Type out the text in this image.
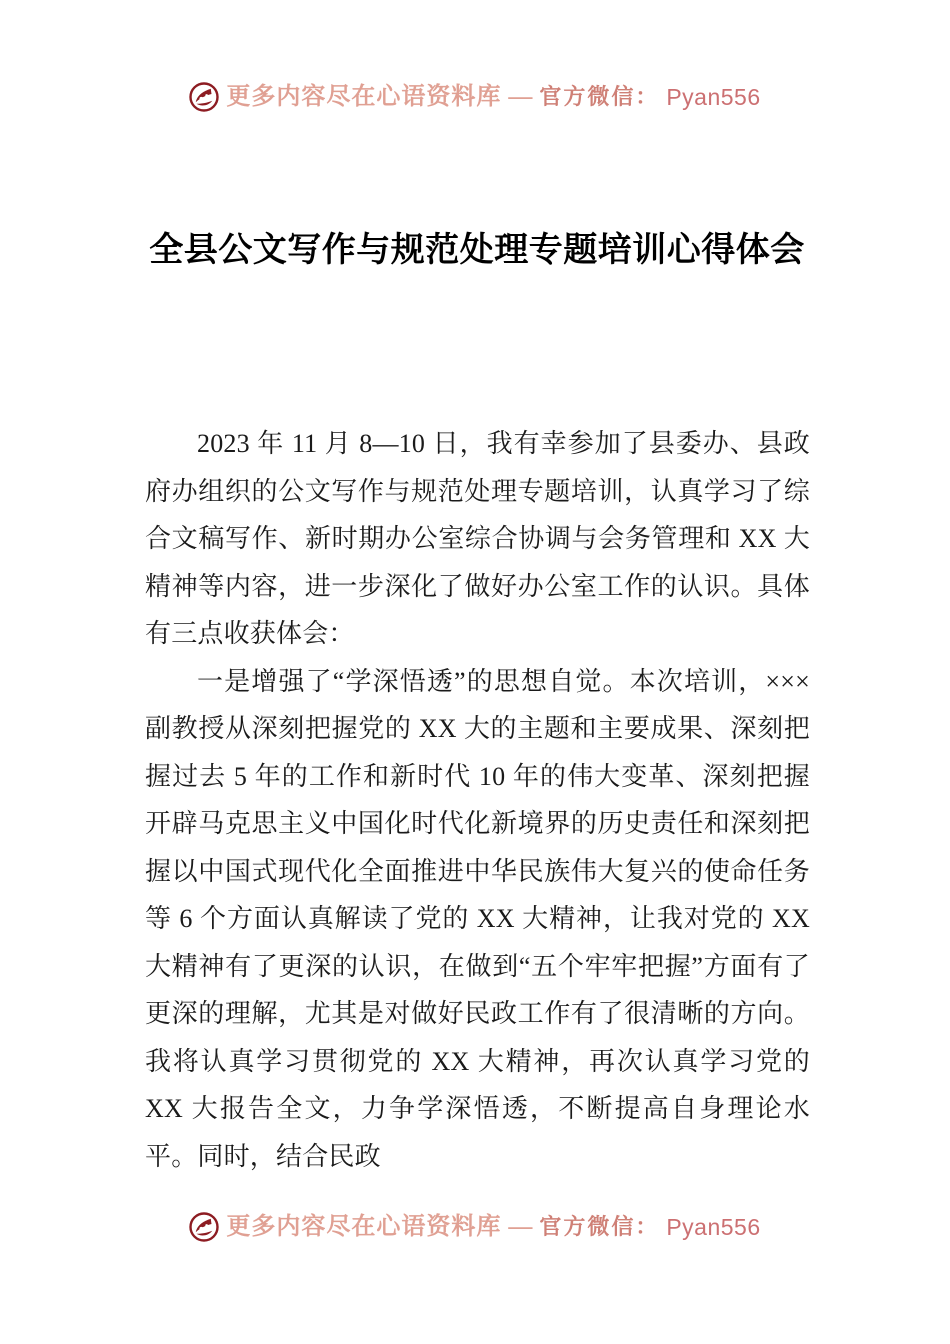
更多内容尽在心语资料库 — 官方微信： Pyan556
全县公文写作与规范处理专题培训心得体会

2023 年 11 月 8—10 日，我有幸参加了县委办、县政府办组织的公文写作与规范处理专题培训，认真学习了综合文稿写作、新时期办公室综合协调与会务管理和 XX 大精神等内容，进一步深化了做好办公室工作的认识。具体有三点收获体会：

一是增强了“学深悟透”的思想自觉。本次培训，×××副教授从深刻把握党的 XX 大的主题和主要成果、深刻把握过去 5 年的工作和新时代 10 年的伟大变革、深刻把握开辟马克思主义中国化时代化新境界的历史责任和深刻把握以中国式现代化全面推进中华民族伟大复兴的使命任务等 6 个方面认真解读了党的 XX 大精神，让我对党的 XX 大精神有了更深的认识，在做到“五个牢牢把握”方面有了更深的理解，尤其是对做好民政工作有了很清晰的方向。我将认真学习贯彻党的 XX 大精神，再次认真学习党的 XX 大报告全文，力争学深悟透，不断提高自身理论水平。同时，结合民政

更多内容尽在心语资料库 — 官方微信： Pyan556
